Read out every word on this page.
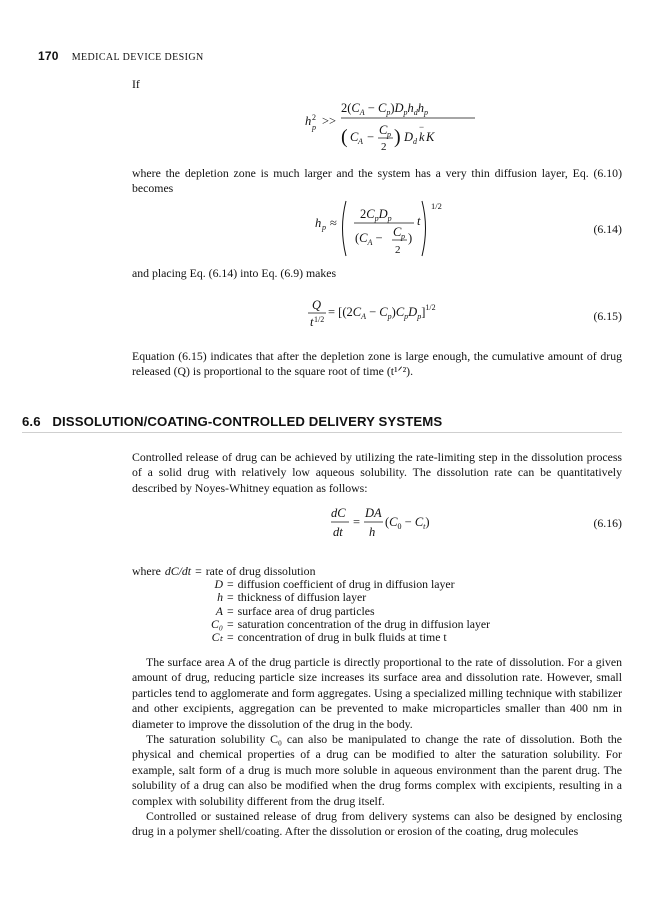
170 MEDICAL DEVICE DESIGN
If
h 2
p >>
$2(C_A - C_p)D_ph_dh_p$
( C A − C p
2 ) D d k
−
K
where the depletion zone is much larger and the system has a very thin diffusion layer, Eq. (6.10) becomes
h p ≈
$2C_pD_p$ t
($C_A - C$ p
2
)
1/2
(6.14)
and placing Eq. (6.14) into Eq. (6.9) makes
Q
t 1/2
= $[(2C_A - C_p)C_pD_p]^{1/2}$
(6.15)
Equation (6.15) indicates that after the depletion zone is large enough, the cumulative amount of drug released (Q) is proportional to the square root of time (t¹ᐟ²).
6.6 DISSOLUTION/COATING-CONTROLLED DELIVERY SYSTEMS
Controlled release of drug can be achieved by utilizing the rate-limiting step in the dissolution process of a solid drug with relatively low aqueous solubility. The dissolution rate can be quantitatively described by Noyes-Whitney equation as follows:
dC
dt
=
DA
h
$(C_0 - C_t)$	(6.16)
where dC/dt = rate of drug dissolution
D = diffusion coefficient of drug in diffusion layer
h = thickness of diffusion layer
A = surface area of drug particles
C₀ = saturation concentration of the drug in diffusion layer
Cₜ = concentration of drug in bulk fluids at time t

The surface area A of the drug particle is directly proportional to the rate of dissolution. For a given amount of drug, reducing particle size increases its surface area and dissolution rate. However, small particles tend to agglomerate and form aggregates. Using a specialized milling technique with stabilizer and other excipients, aggregation can be prevented to make microparticles smaller than 400 nm in diameter to improve the dissolution of the drug in the body.

The saturation solubility C₀ can also be manipulated to change the rate of dissolution. Both the physical and chemical properties of a drug can be modified to alter the saturation solubility. For example, salt form of a drug is much more soluble in aqueous environment than the parent drug. The solubility of a drug can also be modified when the drug forms complex with excipients, resulting in a complex with solubility different from the drug itself.

Controlled or sustained release of drug from delivery systems can also be designed by enclosing drug in a polymer shell/coating. After the dissolution or erosion of the coating, drug molecules
